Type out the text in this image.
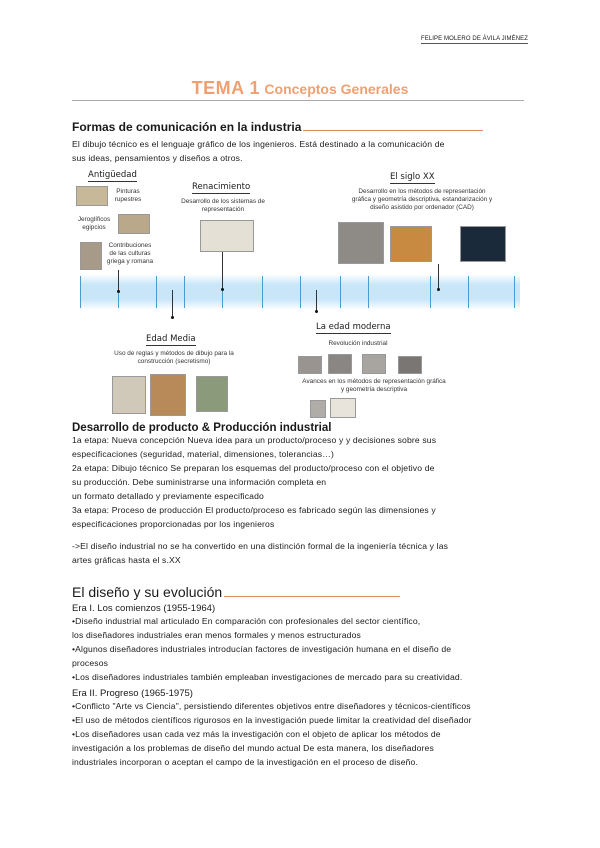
FELIPE MOLERO DE ÁVILA JIMÉNEZ
TEMA 1 Conceptos Generales
Formas de comunicación en la industria
El dibujo técnico es el lenguaje gráfico de los ingenieros. Está destinado a la comunicación de
sus ideas, pensamientos y diseños a otros.
Antigüedad
Pinturas
rupestres
Jeroglíficos
egipcios
Contribuciones
de las culturas
griega y romana
Renacimiento
Desarrollo de los sistemas de
representación
El siglo XX
Desarrollo en los métodos de representación
gráfica y geometría descriptiva, estandarización y
diseño asistido por ordenador (CAD)
Edad Media
Uso de reglas y métodos de dibujo para la
construcción (secretismo)
La edad moderna
Revolución industrial
Avances en los métodos de representación gráfica
y geometría descriptiva
Desarrollo de producto & Producción industrial
1a etapa: Nueva concepción Nueva idea para un producto/proceso y y decisiones sobre sus
especificaciones (seguridad, material, dimensiones, tolerancias…)
2a etapa: Dibujo técnico Se preparan los esquemas del producto/proceso con el objetivo de
su producción. Debe suministrarse una información completa en
un formato detallado y previamente especificado
3a etapa: Proceso de producción El producto/proceso es fabricado según las dimensiones y
especificaciones proporcionadas por los ingenieros
->El diseño industrial no se ha convertido en una distinción formal de la ingeniería técnica y las
artes gráficas hasta el s.XX
El diseño y su evolución
Era I. Los comienzos (1955-1964)
•Diseño industrial mal articulado En comparación con profesionales del sector científico,
los diseñadores industriales eran menos formales y menos estructurados
•Algunos diseñadores industriales introducían factores de investigación humana en el diseño de
procesos
•Los diseñadores industriales también empleaban investigaciones de mercado para su creatividad.
Era II. Progreso (1965-1975)
•Conflicto "Arte vs Ciencia", persistiendo diferentes objetivos entre diseñadores y técnicos-científicos
•El uso de métodos científicos rigurosos en la investigación puede limitar la creatividad del diseñador
•Los diseñadores usan cada vez más la investigación con el objeto de aplicar los métodos de
investigación a los problemas de diseño del mundo actual De esta manera, los diseñadores
industriales incorporan o aceptan el campo de la investigación en el proceso de diseño.
